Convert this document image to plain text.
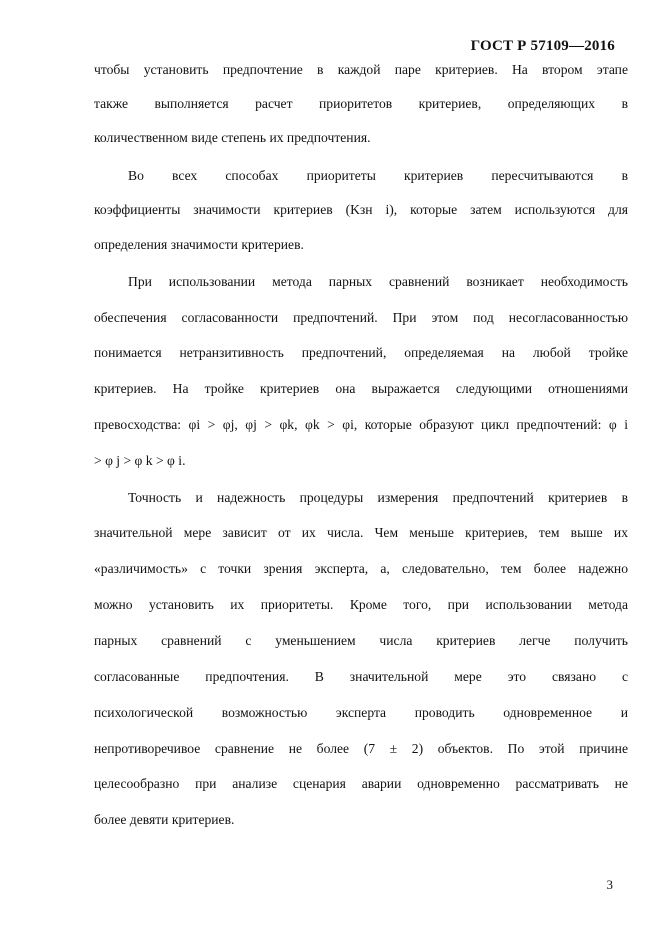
ГОСТ Р 57109—2016
чтобы установить предпочтение в каждой паре критериев. На втором этапе
также выполняется расчет приоритетов критериев, определяющих в
количественном виде степень их предпочтения.
Во всех способах приоритеты критериев пересчитываются в
коэффициенты значимости критериев (Kзн i), которые затем используются для
определения значимости критериев.
При использовании метода парных сравнений возникает необходимость
обеспечения согласованности предпочтений. При этом под несогласованностью
понимается нетранзитивность предпочтений, определяемая на любой тройке
критериев. На тройке критериев она выражается следующими отношениями
превосходства: φi > φj, φj > φk, φk > φi, которые образуют цикл предпочтений: φ i
> φ j > φ k > φ i.
Точность и надежность процедуры измерения предпочтений критериев в
значительной мере зависит от их числа. Чем меньше критериев, тем выше их
«различимость» с точки зрения эксперта, а, следовательно, тем более надежно
можно установить их приоритеты. Кроме того, при использовании метода
парных сравнений с уменьшением числа критериев легче получить
согласованные предпочтения. В значительной мере это связано с
психологической возможностью эксперта проводить одновременное и
непротиворечивое сравнение не более (7 ± 2) объектов. По этой причине
целесообразно при анализе сценария аварии одновременно рассматривать не
более девяти критериев.
3
